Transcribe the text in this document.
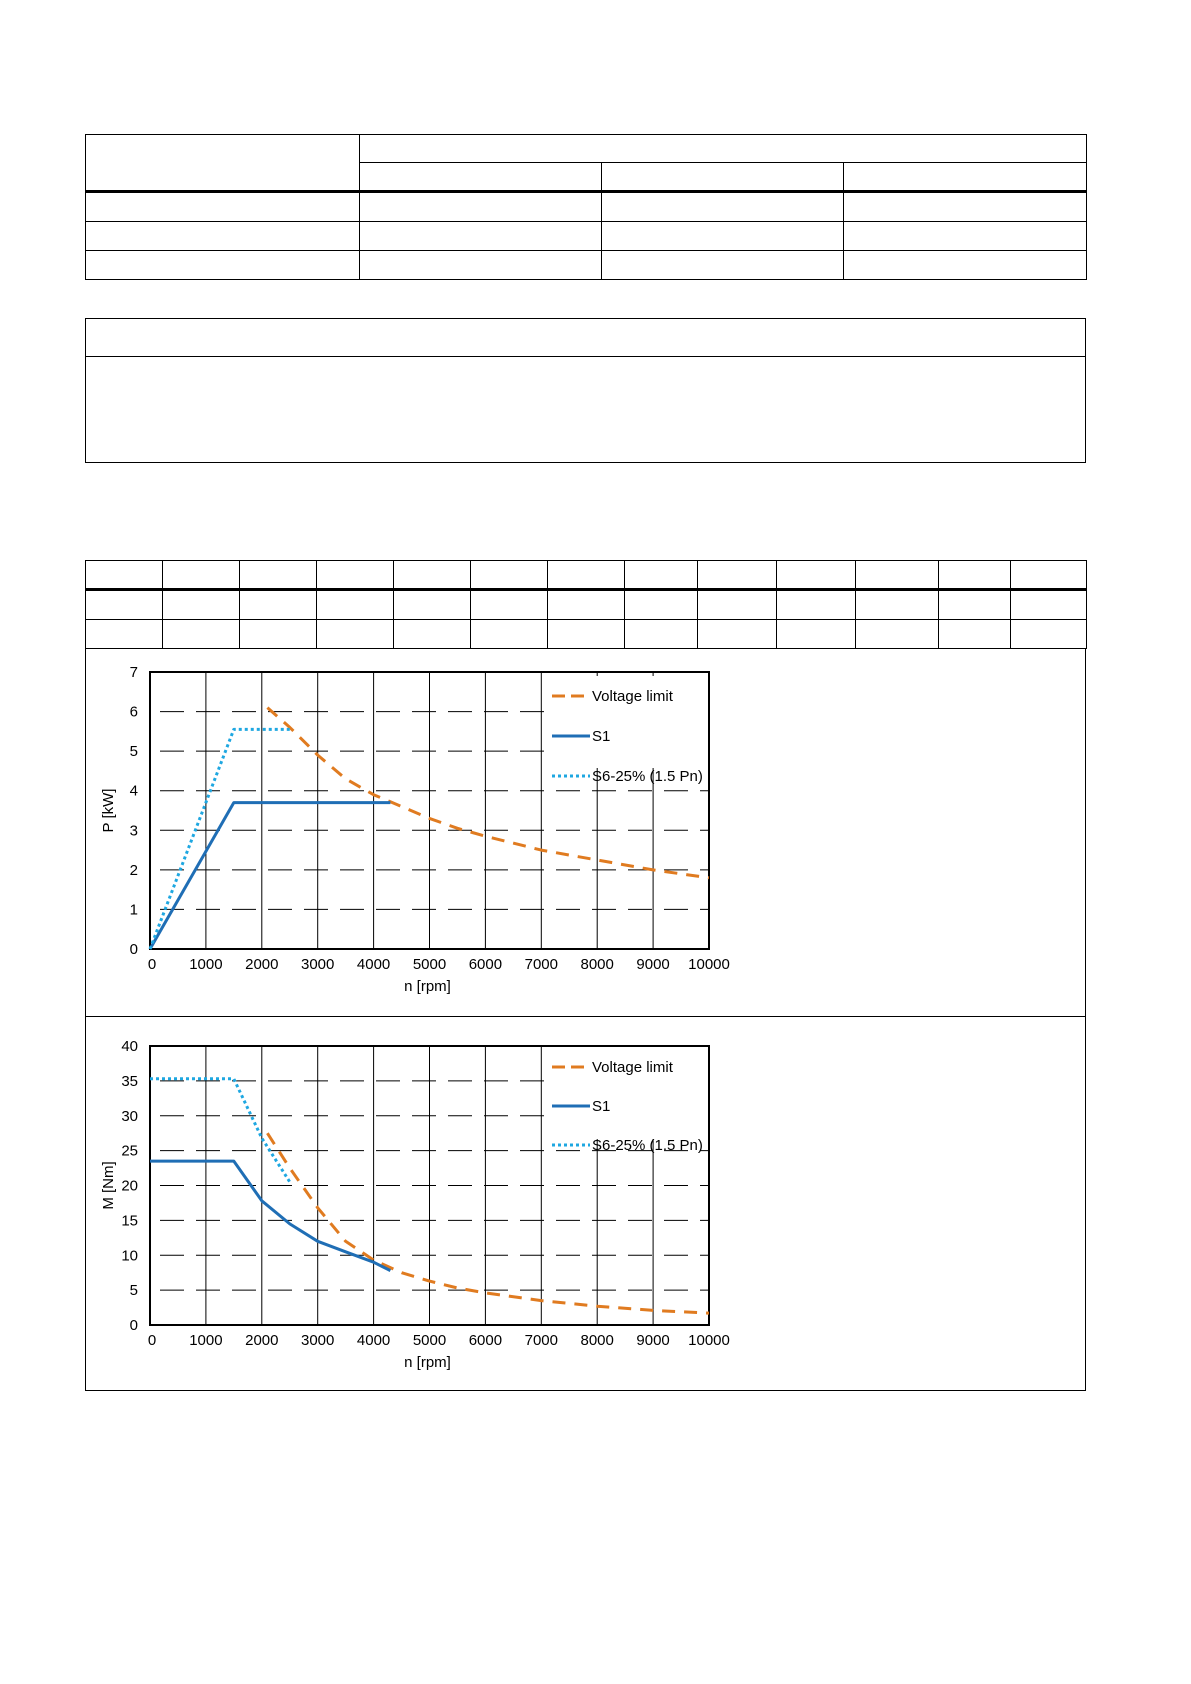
Voltage limit
S1
S6-25% (1.5 Pn)
0
1
2
3
4
5
6
7
0 1000 2000 3000 4000 5000 6000 7000 8000 9000 10000
n [rpm]
P [kW]
Voltage limit
S1
S6-25% (1.5 Pn)
0
5
10
15
20
25
30
35
40
0 1000 2000 3000 4000 5000 6000 7000 8000 9000 10000
n [rpm]
M [Nm]
